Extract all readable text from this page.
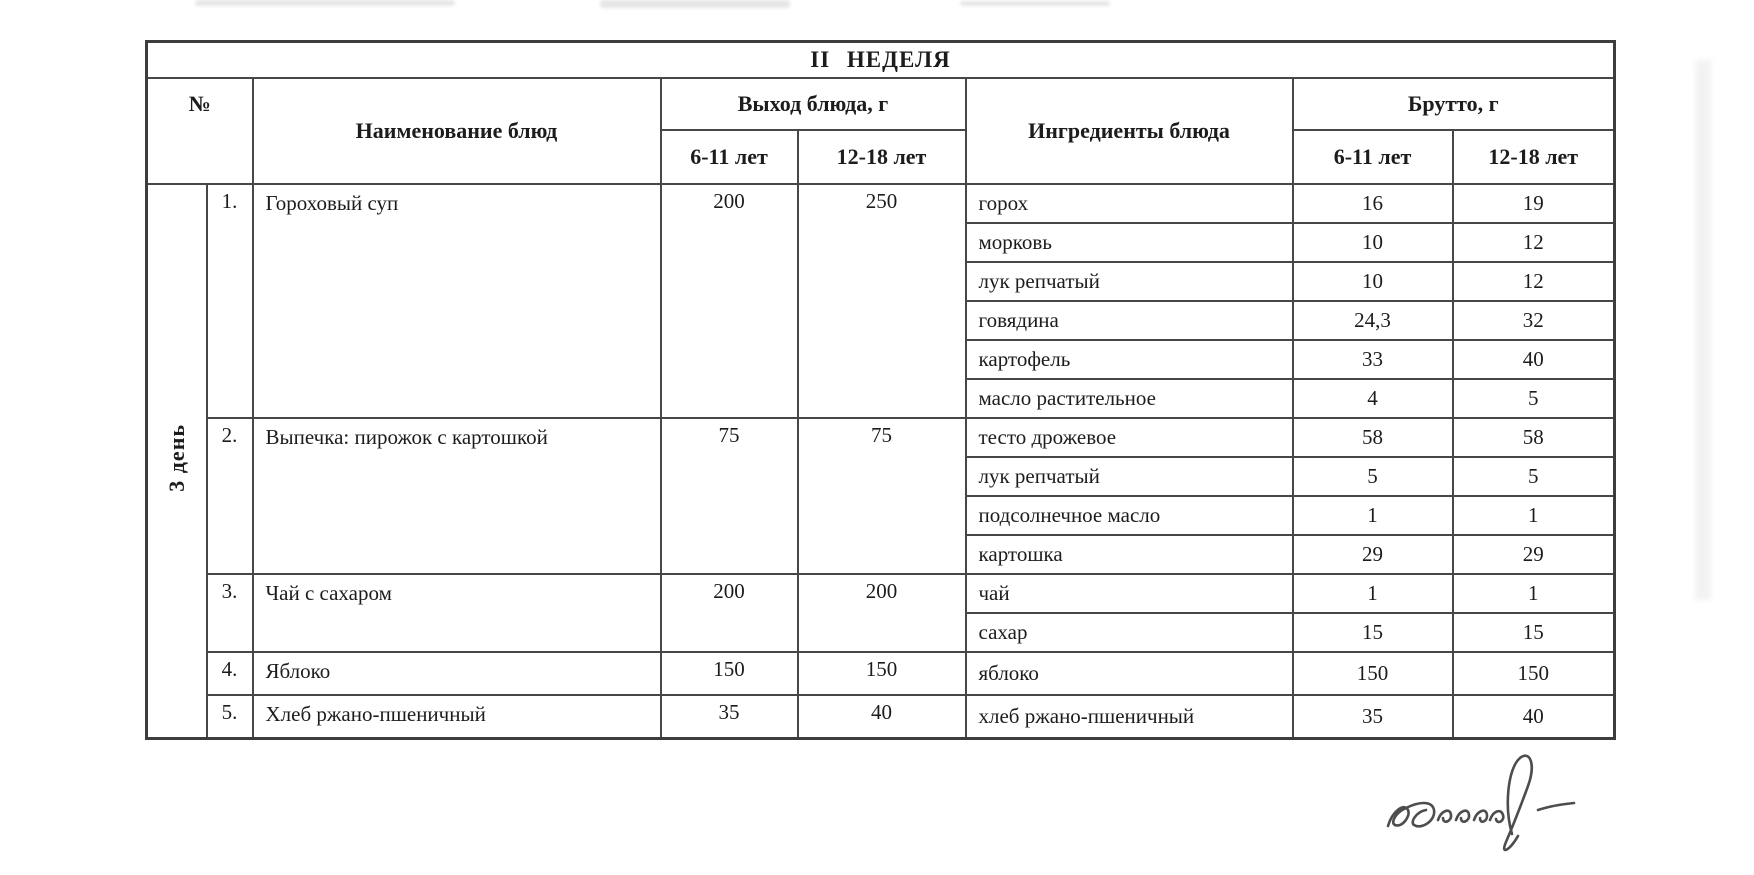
II НЕДЕЛЯ							
№		Наименование блюд	Выход блюда, г		Ингредиенты блюда	Брутто, г	
			6-11 лет	12-18 лет		6-11 лет	12-18 лет
3 день	1.	Гороховый суп	200	250	горох	16	19
					морковь	10	12
					лук репчатый	10	12
					говядина	24,3	32
					картофель	33	40
					масло растительное	4	5
	2.	Выпечка: пирожок с картошкой	75	75	тесто дрожевое	58	58
					лук репчатый	5	5
					подсолнечное масло	1	1
					картошка	29	29
	3.	Чай с сахаром	200	200	чай	1	1
					сахар	15	15
	4.	Яблоко	150	150	яблоко	150	150
	5.	Хлеб ржано-пшеничный	35	40	хлеб ржано-пшеничный	35	40
